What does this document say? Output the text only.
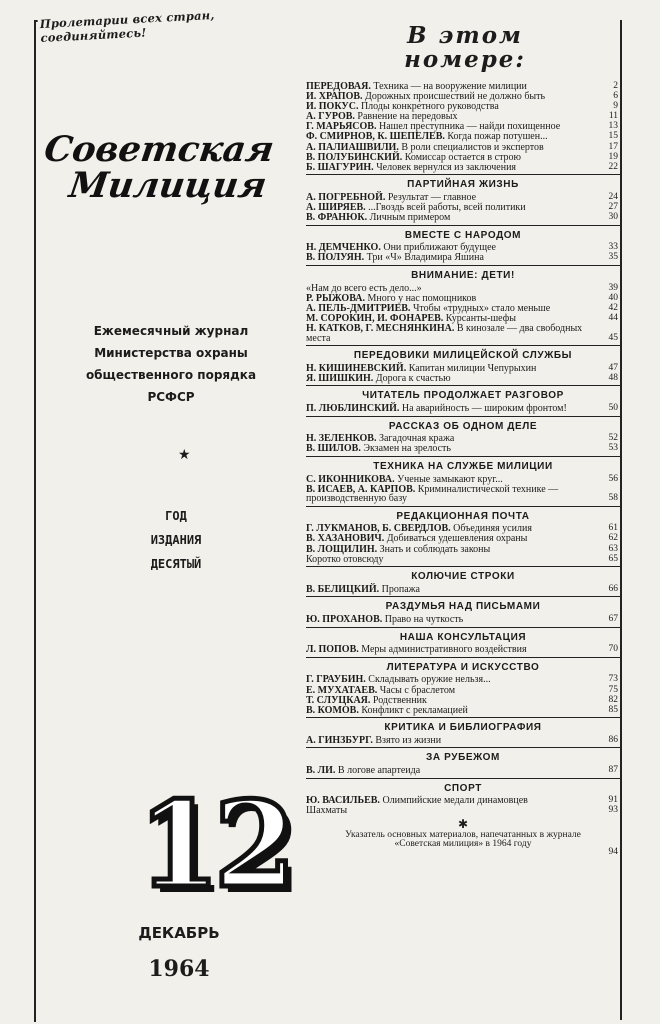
Пролетарии всех стран, соединяйтесь!
Советская
Милиция
Ежемесячный журнал
Министерства охраны
общественного порядка
РСФСР
★
ГОД
ИЗДАНИЯ
ДЕСЯТЫЙ
12
ДЕКАБРЬ
1964
В этом
номере:
ПЕРЕДОВАЯ. Техника — на вооружение милиции	2
И. ХРАПОВ. Дорожных происшествий не должно быть	6
И. ПОКУС. Плоды конкретного руководства	9
А. ГУРОВ. Равнение на передовых	11
Г. МАРЬЯСОВ. Нашел преступника — найди похищенное	13
Ф. СМИРНОВ, К. ШЕПЕЛЕВ. Когда пожар потушен...	15
А. ПАЛИАШВИЛИ. В роли специалистов и экспертов	17
В. ПОЛУБИНСКИЙ. Комиссар остается в строю	19
Б. ШАГУРИН. Человек вернулся из заключения	22
ПАРТИЙНАЯ ЖИЗНЬ
А. ПОГРЕБНОЙ. Результат — главное	24
А. ШИРЯЕВ. ...Гвоздь всей работы, всей политики	27
В. ФРАНЮК. Личным примером	30
ВМЕСТЕ С НАРОДОМ
Н. ДЕМЧЕНКО. Они приближают будущее	33
В. ПОЛУЯН. Три «Ч» Владимира Яшина	35
ВНИМАНИЕ: ДЕТИ!
«Нам до всего есть дело...»	39
Р. РЫЖОВА. Много у нас помощников	40
А. ПЕЛЬ-ДМИТРИЕВ. Чтобы «трудных» стало меньше	42
М. СОРОКИН, И. ФОНАРЕВ. Курсанты-шефы	44
Н. КАТКОВ, Г. МЕСНЯНКИНА. В кинозале — два свободных места	45
ПЕРЕДОВИКИ МИЛИЦЕЙСКОЙ СЛУЖБЫ
Н. КИШИНЕВСКИЙ. Капитан милиции Чепурыхин	47
Я. ШИШКИН. Дорога к счастью	48
ЧИТАТЕЛЬ ПРОДОЛЖАЕТ РАЗГОВОР
П. ЛЮБЛИНСКИЙ. На аварийность — широким фронтом!	50
РАССКАЗ ОБ ОДНОМ ДЕЛЕ
Н. ЗЕЛЕНКОВ. Загадочная кража	52
В. ШИЛОВ. Экзамен на зрелость	53
ТЕХНИКА НА СЛУЖБЕ МИЛИЦИИ
С. ИКОННИКОВА. Ученые замыкают круг...	56
В. ИСАЕВ, А. КАРПОВ. Криминалистической технике — производственную базу	58
РЕДАКЦИОННАЯ ПОЧТА
Г. ЛУКМАНОВ, Б. СВЕРДЛОВ. Объединяя усилия	61
В. ХАЗАНОВИЧ. Добиваться удешевления охраны	62
В. ЛОЩИЛИН. Знать и соблюдать законы	63
Коротко отовсюду	65
КОЛЮЧИЕ СТРОКИ
В. БЕЛИЦКИЙ. Пропажа	66
РАЗДУМЬЯ НАД ПИСЬМАМИ
Ю. ПРОХАНОВ. Право на чуткость	67
НАША КОНСУЛЬТАЦИЯ
Л. ПОПОВ. Меры административного воздействия	70
ЛИТЕРАТУРА И ИСКУССТВО
Г. ГРАУБИН. Складывать оружие нельзя...	73
Е. МУХАТАЕВ. Часы с браслетом	75
Т. СЛУЦКАЯ. Родственник	82
В. КОМОВ. Конфликт с рекламацией	85
КРИТИКА И БИБЛИОГРАФИЯ
А. ГИНЗБУРГ. Взято из жизни	86
ЗА РУБЕЖОМ
В. ЛИ. В логове апартеида	87
СПОРТ
Ю. ВАСИЛЬЕВ. Олимпийские медали динамовцев	91
Шахматы	93
✱
Указатель основных материалов, напечатанных в журнале «Советская милиция» в 1964 году
94
